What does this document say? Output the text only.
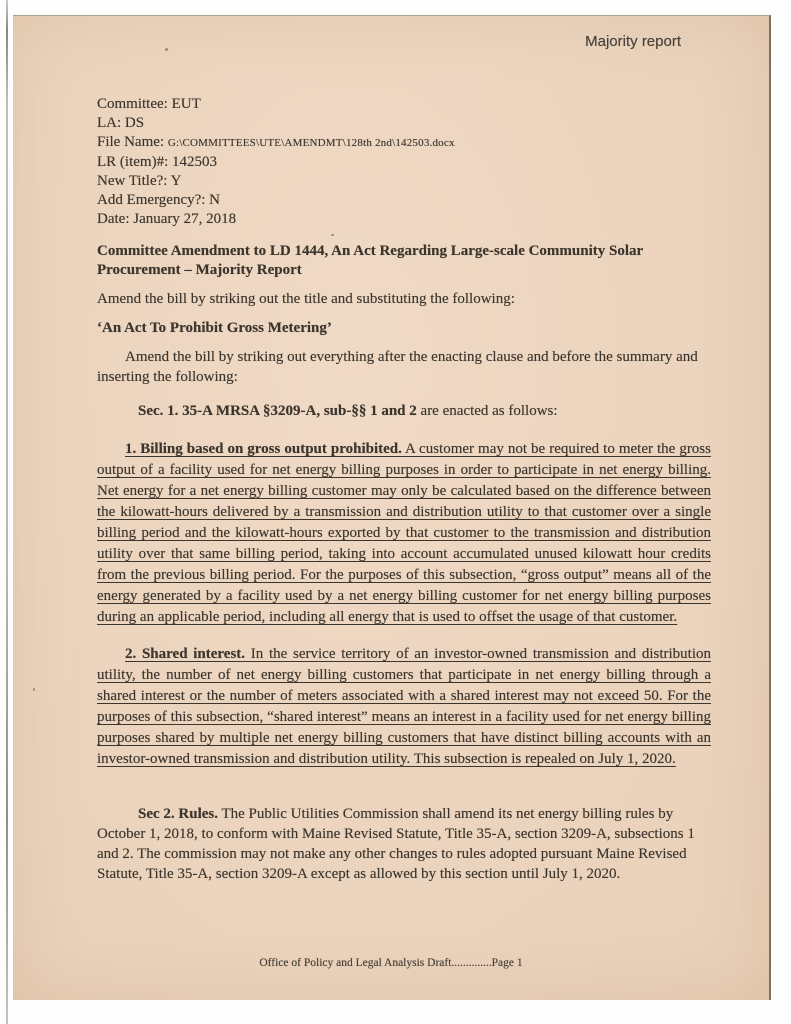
Majority report
Committee: EUT
LA: DS
File Name: G:\COMMITTEES\UTE\AMENDMT\128th 2nd\142503.docx
LR (item)#: 142503
New Title?: Y
Add Emergency?: N
Date: January 27, 2018

Committee Amendment to LD 1444, An Act Regarding Large-scale Community Solar Procurement – Majority Report

Amend the bill by striking out the title and substituting the following:

‘An Act To Prohibit Gross Metering’

Amend the bill by striking out everything after the enacting clause and before the summary and inserting the following:

Sec. 1. 35-A MRSA §3209-A, sub-§§ 1 and 2 are enacted as follows:

1. Billing based on gross output prohibited. A customer may not be required to meter the gross output of a facility used for net energy billing purposes in order to participate in net energy billing. Net energy for a net energy billing customer may only be calculated based on the difference between the kilowatt-hours delivered by a transmission and distribution utility to that customer over a single billing period and the kilowatt-hours exported by that customer to the transmission and distribution utility over that same billing period, taking into account accumulated unused kilowatt hour credits from the previous billing period. For the purposes of this subsection, “gross output” means all of the energy generated by a facility used by a net energy billing customer for net energy billing purposes during an applicable period, including all energy that is used to offset the usage of that customer.

2. Shared interest. In the service territory of an investor-owned transmission and distribution utility, the number of net energy billing customers that participate in net energy billing through a shared interest or the number of meters associated with a shared interest may not exceed 50. For the purposes of this subsection, “shared interest” means an interest in a facility used for net energy billing purposes shared by multiple net energy billing customers that have distinct billing accounts with an investor-owned transmission and distribution utility. This subsection is repealed on July 1, 2020.

Sec 2. Rules. The Public Utilities Commission shall amend its net energy billing rules by October 1, 2018, to conform with Maine Revised Statute, Title 35-A, section 3209-A, subsections 1 and 2. The commission may not make any other changes to rules adopted pursuant Maine Revised Statute, Title 35-A, section 3209-A except as allowed by this section until July 1, 2020.

Office of Policy and Legal Analysis Draft..............Page 1
